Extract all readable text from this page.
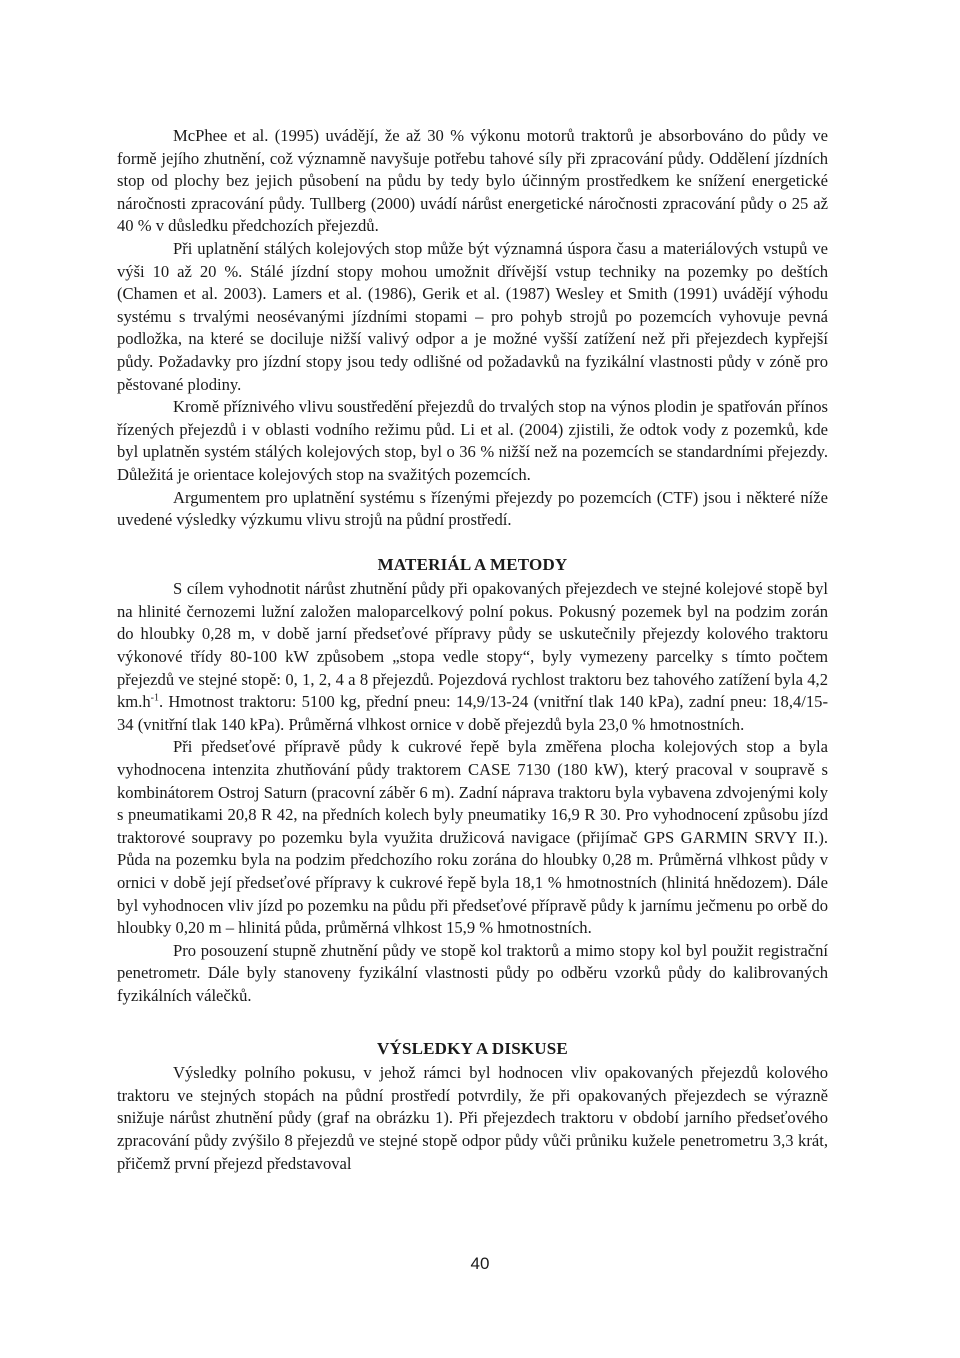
McPhee et al. (1995) uvádějí, že až 30 % výkonu motorů traktorů je absorbováno do půdy ve formě jejího zhutnění, což významně navyšuje potřebu tahové síly při zpracování půdy. Oddělení jízdních stop od plochy bez jejich působení na půdu by tedy bylo účinným prostředkem ke snížení energetické náročnosti zpracování půdy. Tullberg (2000) uvádí nárůst energetické náročnosti zpracování půdy o 25 až 40 % v důsledku předchozích přejezdů.

Při uplatnění stálých kolejových stop může být významná úspora času a materiálových vstupů ve výši 10 až 20 %. Stálé jízdní stopy mohou umožnit dřívější vstup techniky na pozemky po deštích (Chamen et al. 2003). Lamers et al. (1986), Gerik et al. (1987) Wesley et Smith (1991) uvádějí výhodu systému s trvalými neosévanými jízdními stopami – pro pohyb strojů po pozemcích vyhovuje pevná podložka, na které se dociluje nižší valivý odpor a je možné vyšší zatížení než při přejezdech kypřejší půdy. Požadavky pro jízdní stopy jsou tedy odlišné od požadavků na fyzikální vlastnosti půdy v zóně pro pěstované plodiny.

Kromě příznivého vlivu soustředění přejezdů do trvalých stop na výnos plodin je spatřován přínos řízených přejezdů i v oblasti vodního režimu půd. Li et al. (2004) zjistili, že odtok vody z pozemků, kde byl uplatněn systém stálých kolejových stop, byl o 36 % nižší než na pozemcích se standardními přejezdy. Důležitá je orientace kolejových stop na svažitých pozemcích.

Argumentem pro uplatnění systému s řízenými přejezdy po pozemcích (CTF) jsou i některé níže uvedené výsledky výzkumu vlivu strojů na půdní prostředí.

MATERIÁL A METODY

S cílem vyhodnotit nárůst zhutnění půdy při opakovaných přejezdech ve stejné kolejové stopě byl na hlinité černozemi lužní založen maloparcelkový polní pokus. Pokusný pozemek byl na podzim zorán do hloubky 0,28 m, v době jarní předseťové přípravy půdy se uskutečnily přejezdy kolového traktoru výkonové třídy 80-100 kW způsobem „stopa vedle stopy“, byly vymezeny parcelky s tímto počtem přejezdů ve stejné stopě: 0, 1, 2, 4 a 8 přejezdů. Pojezdová rychlost traktoru bez tahového zatížení byla 4,2 $km.h^{-1}$. Hmotnost traktoru: 5100 kg, přední pneu: 14,9/13-24 (vnitřní tlak 140 kPa), zadní pneu: 18,4/15-34 (vnitřní tlak 140 kPa). Průměrná vlhkost ornice v době přejezdů byla 23,0 % hmotnostních.

Při předseťové přípravě půdy k cukrové řepě byla změřena plocha kolejových stop a byla vyhodnocena intenzita zhutňování půdy traktorem CASE 7130 (180 kW), který pracoval v soupravě s kombinátorem Ostroj Saturn (pracovní záběr 6 m). Zadní náprava traktoru byla vybavena zdvojenými koly s pneumatikami 20,8 R 42, na předních kolech byly pneumatiky 16,9 R 30. Pro vyhodnocení způsobu jízd traktorové soupravy po pozemku byla využita družicová navigace (přijímač GPS GARMIN SRVY II.). Půda na pozemku byla na podzim předchozího roku zorána do hloubky 0,28 m. Průměrná vlhkost půdy v ornici v době její předseťové přípravy k cukrové řepě byla 18,1 % hmotnostních (hlinitá hnědozem). Dále byl vyhodnocen vliv jízd po pozemku na půdu při předseťové přípravě půdy k jarnímu ječmenu po orbě do hloubky 0,20 m – hlinitá půda, průměrná vlhkost 15,9 % hmotnostních.

Pro posouzení stupně zhutnění půdy ve stopě kol traktorů a mimo stopy kol byl použit registrační penetrometr. Dále byly stanoveny fyzikální vlastnosti půdy po odběru vzorků půdy do kalibrovaných fyzikálních válečků.

VÝSLEDKY A DISKUSE

Výsledky polního pokusu, v jehož rámci byl hodnocen vliv opakovaných přejezdů kolového traktoru ve stejných stopách na půdní prostředí potvrdily, že při opakovaných přejezdech se výrazně snižuje nárůst zhutnění půdy (graf na obrázku 1). Při přejezdech traktoru v období jarního předseťového zpracování půdy zvýšilo 8 přejezdů ve stejné stopě odpor půdy vůči průniku kužele penetrometru 3,3 krát, přičemž první přejezd představoval

40
